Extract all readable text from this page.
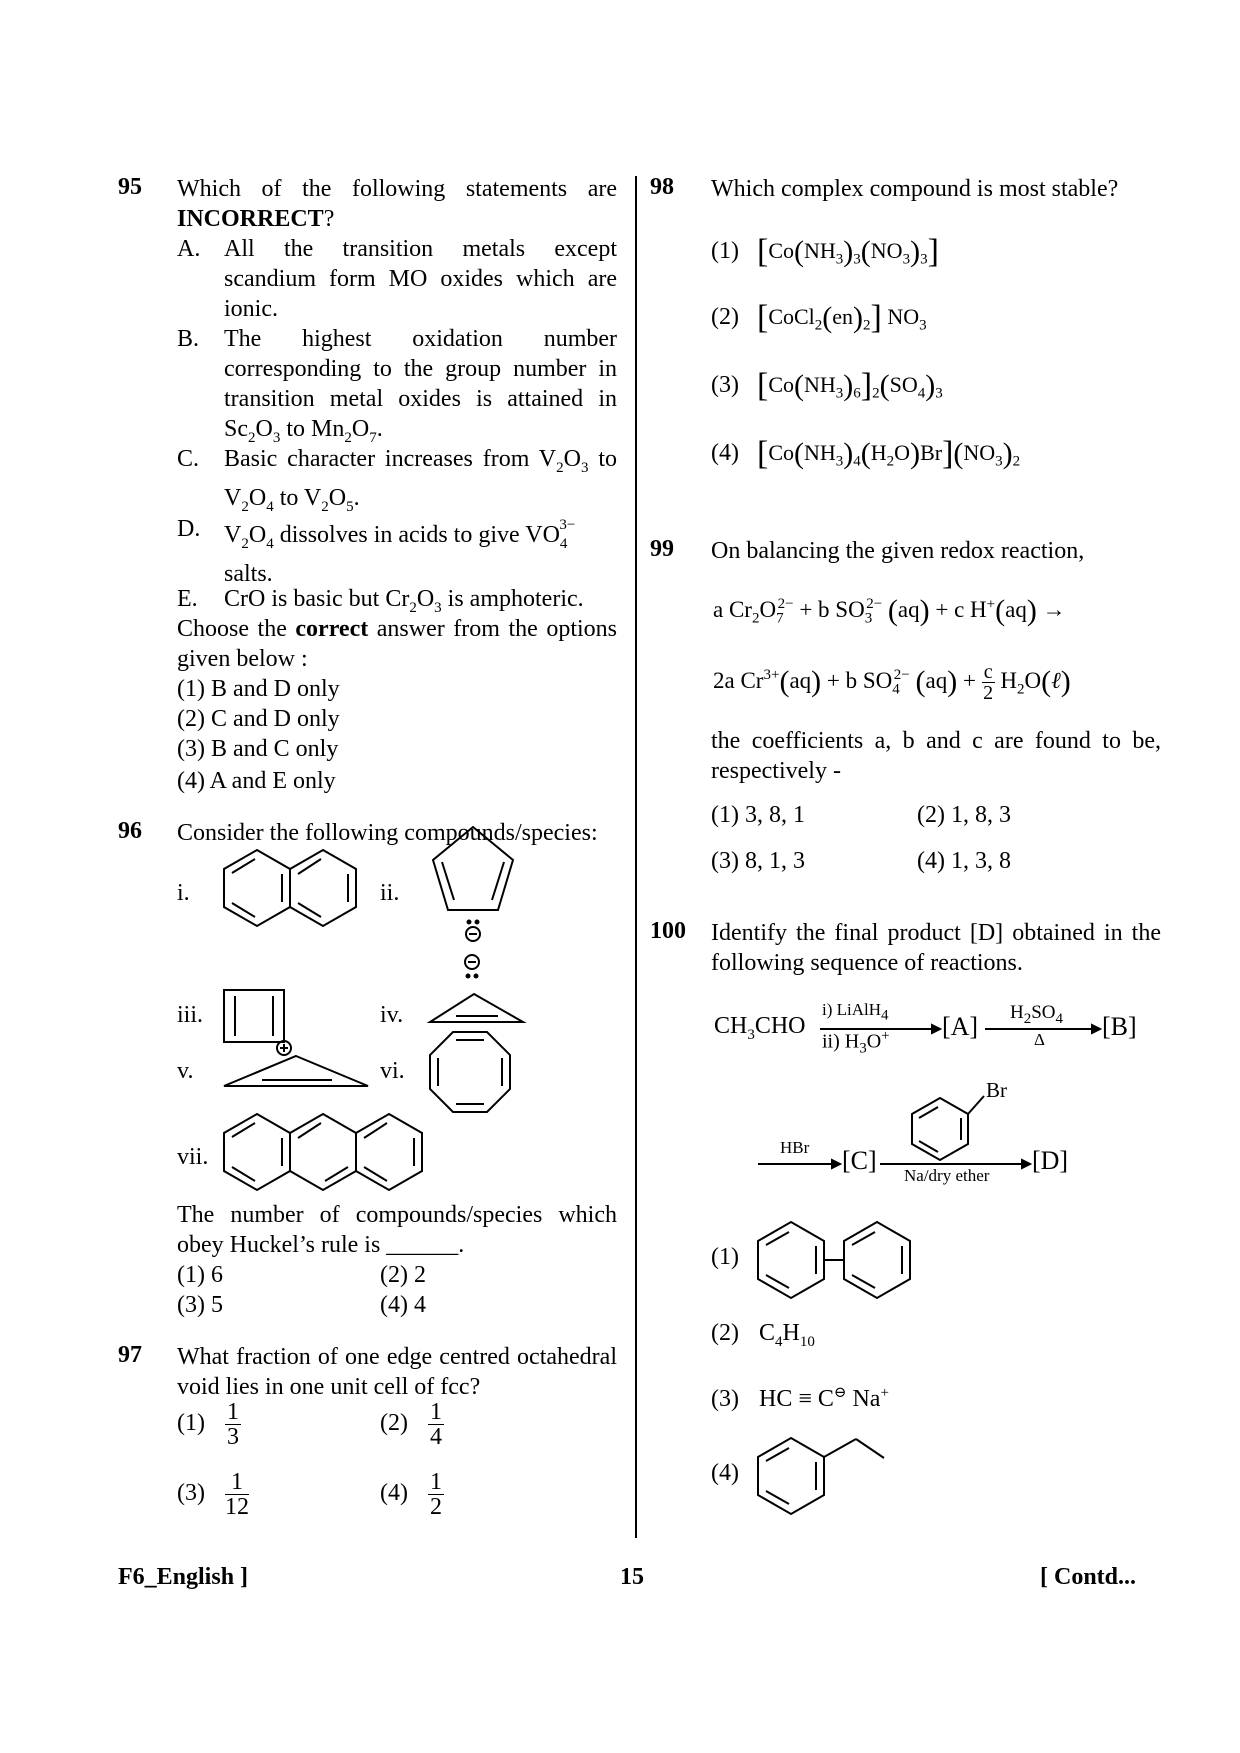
95 Which of the following statements are INCORRECT?
A. All the transition metals except scandium form MO oxides which are ionic.
B. The highest oxidation number corresponding to the group number in transition metal oxides is attained in $Sc_2O_3$ to $Mn_2O_7$.
C. Basic character increases from $V_2O_3$ to $V_2O_4$ to $V_2O_5$.
D. $V_2O_4$ dissolves in acids to give $VO_4^{3-}$
salts.
E. CrO is basic but $Cr_2O_3$ is amphoteric.
Choose the correct answer from the options given below :
(1) B and D only
(2) C and D only
(3) B and C only
(4) A and E only
96 Consider the following compounds/species:
i.	ii.
iii.	iv.
v.	vi.
vii.
The number of compounds/species which obey Huckel’s rule is ______.
(1) 6	(2) 2
(3) 5	(4) 4
97 What fraction of one edge centred octahedral void lies in one unit cell of fcc?
$(1) \frac{1}{3}$	$(2) \frac{1}{4}$
$(3) \frac{1}{12}$	$(4) \frac{1}{2}$
98 Which complex compound is most stable?
(1) $[Co(NH_3)_3(NO_3)_3]$
(2) $[CoCl_2(en)_2]$ $NO_3$
(3) $[Co(NH_3)_6]_2(SO_4)_3$
(4) $[Co(NH_3)_4(H_2O)Br](NO_3)_2$
99 On balancing the given redox reaction,
a $Cr_2O_7^{2-} + b$ $SO_3^{2-}$ (aq) + c H+(aq) →
2a $Cr^{3+}(aq) + b$ $SO_4^{2-}$ $(aq) + \frac{c}{2}$ $H_2O(\ell)$
the coefficients a, b and c are found to be, respectively -
(1) 3, 8, 1	(2) 1, 8, 3
(3) 8, 1, 3	(4) 1, 3, 8
100 Identify the final product [D] obtained in the following sequence of reactions.
$CH_3CHO$
i) LiAlH$_4$
ii) $H_3O^+$ [A] $H_2SO_4$
Δ [B]
Br
HBr [C]
Na/dry ether
[D]
(1)
(2) $C_4H_{10}$
(3) HC ≡ C⊖ Na+
(4)
F6_English ]	15	[ Contd...
